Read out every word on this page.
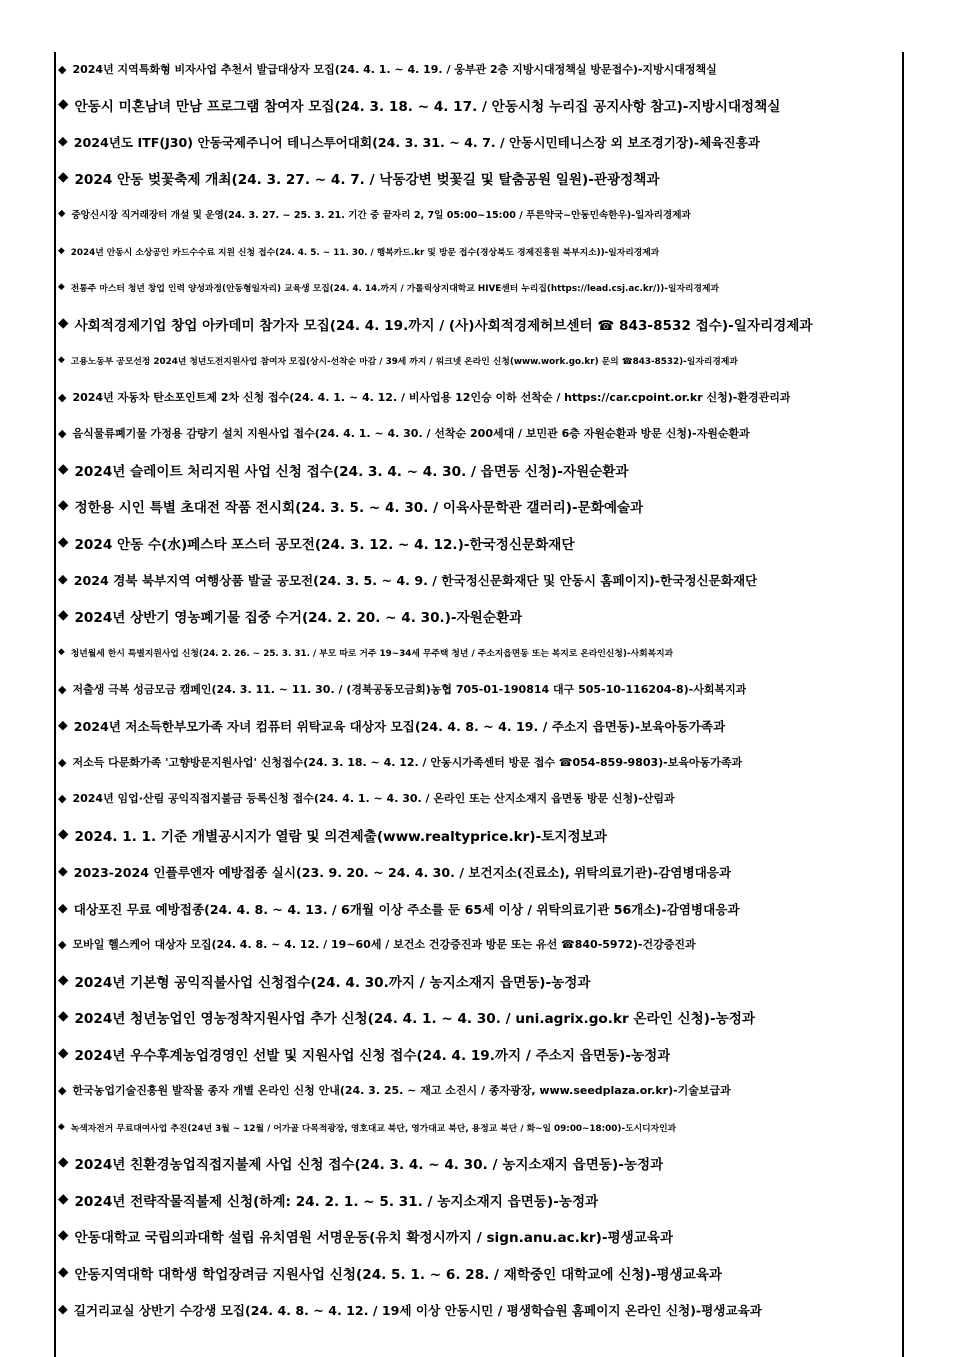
◆ 2024년 지역특화형 비자사업 추천서 발급대상자 모집(24. 4. 1. ~ 4. 19. / 웅부관 2층 지방시대정책실 방문접수)-지방시대정책실
◆ 안동시 미혼남녀 만남 프로그램 참여자 모집(24. 3. 18. ~ 4. 17. / 안동시청 누리집 공지사항 참고)-지방시대정책실
◆ 2024년도 ITF(J30) 안동국제주니어 테니스투어대회(24. 3. 31. ~ 4. 7. / 안동시민테니스장 외 보조경기장)-체육진흥과
◆ 2024 안동 벚꽃축제 개최(24. 3. 27. ~ 4. 7. / 낙동강변 벚꽃길 및 탈춤공원 일원)-관광정책과
◆ 중앙신시장 직거래장터 개설 및 운영(24. 3. 27. ~ 25. 3. 21. 기간 중 끝자리 2, 7일 05:00~15:00 / 푸른약국~안동민속한우)-일자리경제과
◆ 2024년 안동시 소상공인 카드수수료 지원 신청 접수(24. 4. 5. ~ 11. 30. / 행복카드.kr 및 방문 접수(경상북도 경제진흥원 북부지소))-일자리경제과
◆ 전통주 마스터 청년 창업 인력 양성과정(안동형일자리) 교육생 모집(24. 4. 14.까지 / 가톨릭상지대학교 HIVE센터 누리집(https://lead.csj.ac.kr/))-일자리경제과
◆ 사회적경제기업 창업 아카데미 참가자 모집(24. 4. 19.까지 / (사)사회적경제허브센터 ☎ 843-8532 접수)-일자리경제과
◆ 고용노동부 공모선정 2024년 청년도전지원사업 참여자 모집(상시-선착순 마감 / 39세 까지 / 워크넷 온라인 신청(www.work.go.kr) 문의 ☎843-8532)-일자리경제과
◆ 2024년 자동차 탄소포인트제 2차 신청 접수(24. 4. 1. ~ 4. 12. / 비사업용 12인승 이하 선착순 / https://car.cpoint.or.kr 신청)-환경관리과
◆ 음식물류폐기물 가정용 감량기 설치 지원사업 접수(24. 4. 1. ~ 4. 30. / 선착순 200세대 / 보민관 6층 자원순환과 방문 신청)-자원순환과
◆ 2024년 슬레이트 처리지원 사업 신청 접수(24. 3. 4. ~ 4. 30. / 읍면동 신청)-자원순환과
◆ 정한용 시인 특별 초대전 작품 전시회(24. 3. 5. ~ 4. 30. / 이육사문학관 갤러리)-문화예술과
◆ 2024 안동 수(水)페스타 포스터 공모전(24. 3. 12. ~ 4. 12.)-한국정신문화재단
◆ 2024 경북 북부지역 여행상품 발굴 공모전(24. 3. 5. ~ 4. 9. / 한국정신문화재단 및 안동시 홈페이지)-한국정신문화재단
◆ 2024년 상반기 영농폐기물 집중 수거(24. 2. 20. ~ 4. 30.)-자원순환과
◆ 청년월세 한시 특별지원사업 신청(24. 2. 26. ~ 25. 3. 31. / 부모 따로 거주 19~34세 무주택 청년 / 주소지읍면동 또는 복지로 온라인신청)-사회복지과
◆ 저출생 극복 성금모금 캠페인(24. 3. 11. ~ 11. 30. / (경북공동모금회)농협 705-01-190814 대구 505-10-116204-8)-사회복지과
◆ 2024년 저소득한부모가족 자녀 컴퓨터 위탁교육 대상자 모집(24. 4. 8. ~ 4. 19. / 주소지 읍면동)-보육아동가족과
◆ 저소득 다문화가족 '고향방문지원사업' 신청접수(24. 3. 18. ~ 4. 12. / 안동시가족센터 방문 접수 ☎054-859-9803)-보육아동가족과
◆ 2024년 임업·산림 공익직접지불금 등록신청 접수(24. 4. 1. ~ 4. 30. / 온라인 또는 산지소재지 읍면동 방문 신청)-산림과
◆ 2024. 1. 1. 기준 개별공시지가 열람 및 의견제출(www.realtyprice.kr)-토지정보과
◆ 2023-2024 인플루엔자 예방접종 실시(23. 9. 20. ~ 24. 4. 30. / 보건지소(진료소), 위탁의료기관)-감염병대응과
◆ 대상포진 무료 예방접종(24. 4. 8. ~ 4. 13. / 6개월 이상 주소를 둔 65세 이상 / 위탁의료기관 56개소)-감염병대응과
◆ 모바일 헬스케어 대상자 모집(24. 4. 8. ~ 4. 12. / 19~60세 / 보건소 건강증진과 방문 또는 유선 ☎840-5972)-건강증진과
◆ 2024년 기본형 공익직불사업 신청접수(24. 4. 30.까지 / 농지소재지 읍면동)-농정과
◆ 2024년 청년농업인 영농정착지원사업 추가 신청(24. 4. 1. ~ 4. 30. / uni.agrix.go.kr 온라인 신청)-농정과
◆ 2024년 우수후계농업경영인 선발 및 지원사업 신청 접수(24. 4. 19.까지 / 주소지 읍면동)-농정과
◆ 한국농업기술진흥원 발작물 종자 개별 온라인 신청 안내(24. 3. 25. ~ 재고 소진시 / 종자광장, www.seedplaza.or.kr)-기술보급과
◆ 녹색자전거 무료대여사업 추진(24년 3월 ~ 12월 / 어가골 다목적광장, 영호대교 북단, 영가대교 북단, 용정교 북단 / 화~일 09:00~18:00)-도시디자인과
◆ 2024년 친환경농업직접지불제 사업 신청 접수(24. 3. 4. ~ 4. 30. / 농지소재지 읍면동)-농정과
◆ 2024년 전략작물직불제 신청(하계: 24. 2. 1. ~ 5. 31. / 농지소재지 읍면동)-농정과
◆ 안동대학교 국립의과대학 설립 유치염원 서명운동(유치 확정시까지 / sign.anu.ac.kr)-평생교육과
◆ 안동지역대학 대학생 학업장려금 지원사업 신청(24. 5. 1. ~ 6. 28. / 재학중인 대학교에 신청)-평생교육과
◆ 길거리교실 상반기 수강생 모집(24. 4. 8. ~ 4. 12. / 19세 이상 안동시민 / 평생학습원 홈페이지 온라인 신청)-평생교육과
